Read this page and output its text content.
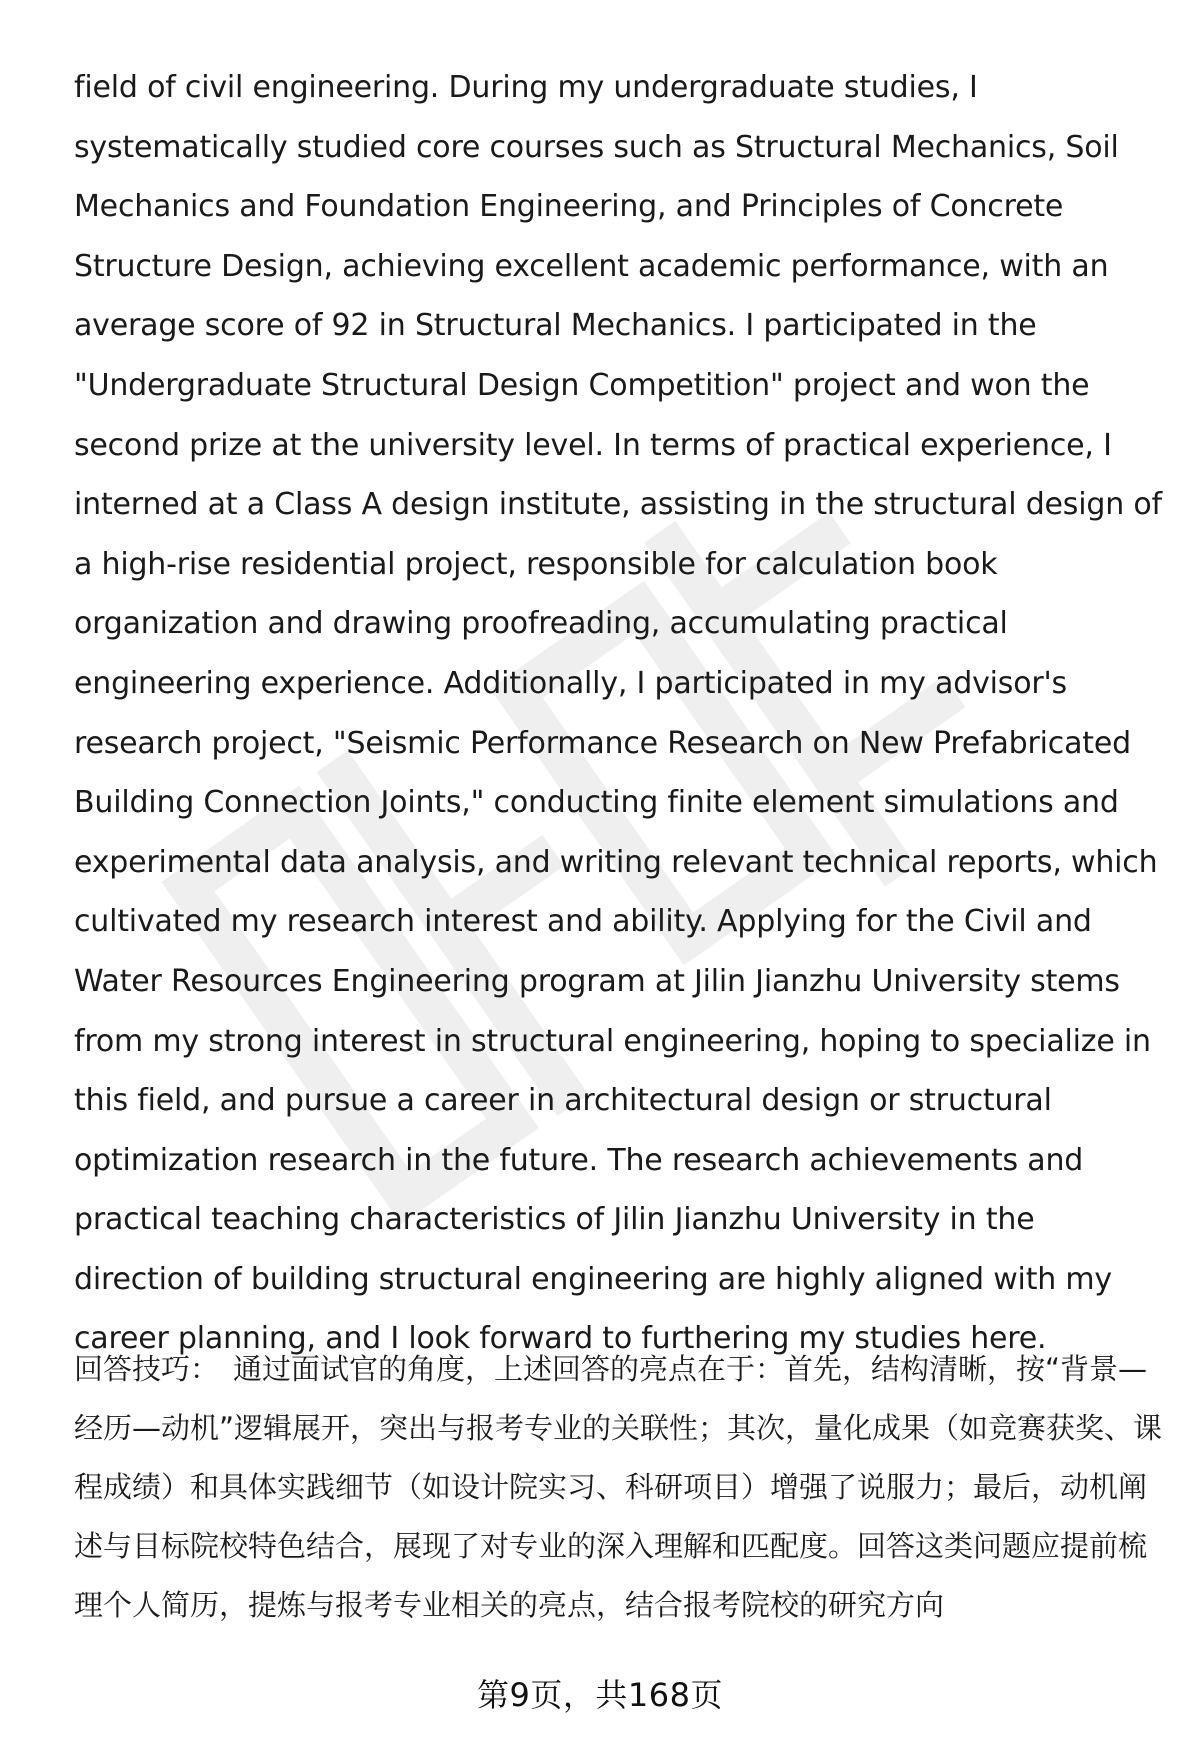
field of civil engineering. During my undergraduate studies, I systematically studied core courses such as Structural Mechanics, Soil Mechanics and Foundation Engineering, and Principles of Concrete Structure Design, achieving excellent academic performance, with an average score of 92 in Structural Mechanics. I participated in the "Undergraduate Structural Design Competition" project and won the second prize at the university level. In terms of practical experience, I interned at a Class A design institute, assisting in the structural design of a high-rise residential project, responsible for calculation book organization and drawing proofreading, accumulating practical engineering experience. Additionally, I participated in my advisor's research project, "Seismic Performance Research on New Prefabricated Building Connection Joints," conducting finite element simulations and experimental data analysis, and writing relevant technical reports, which cultivated my research interest and ability. Applying for the Civil and Water Resources Engineering program at Jilin Jianzhu University stems from my strong interest in structural engineering, hoping to specialize in this field, and pursue a career in architectural design or structural optimization research in the future. The research achievements and practical teaching characteristics of Jilin Jianzhu University in the direction of building structural engineering are highly aligned with my career planning, and I look forward to furthering my studies here.

回答技巧： 通过面试官的角度，上述回答的亮点在于：首先，结构清晰，按“背景—经历—动机”逻辑展开，突出与报考专业的关联性；其次，量化成果（如竞赛获奖、课程成绩）和具体实践细节（如设计院实习、科研项目）增强了说服力；最后，动机阐述与目标院校特色结合，展现了对专业的深入理解和匹配度。回答这类问题应提前梳理个人简历，提炼与报考专业相关的亮点，结合报考院校的研究方向

第9页，共168页
